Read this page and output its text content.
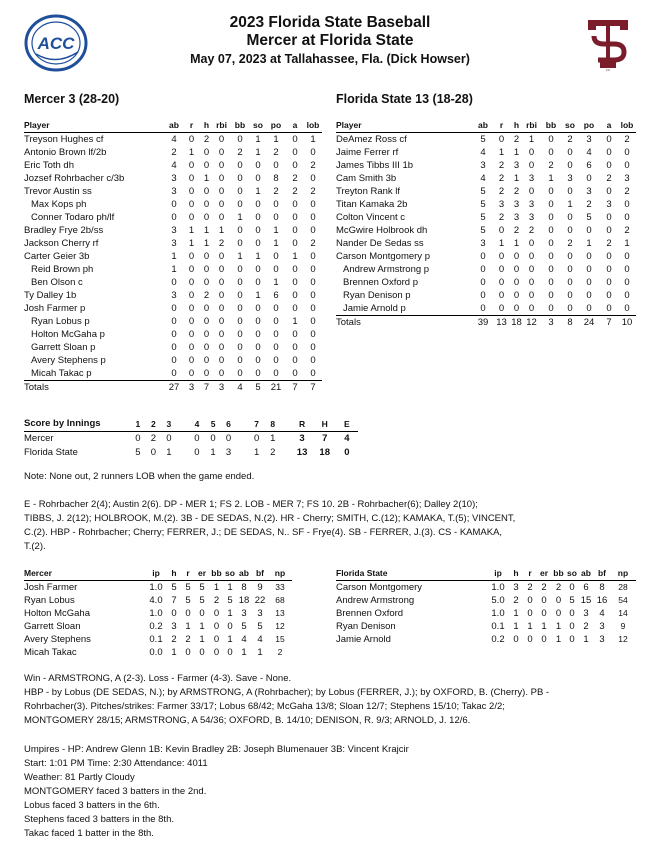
ACC
2023 Florida State Baseball
Mercer at Florida State
May 07, 2023 at Tallahassee, Fla. (Dick Howser)
FS
Mercer 3 (28-20)	Florida State 13 (18-28)
Player	ab	r	h	rbi	bb	so	po	a	lob
Treyson Hughes cf	4	0	2	0	0	1	1	0	1
Antonio Brown lf/2b	2	1	0	0	2	1	2	0	0
Eric Toth dh	4	0	0	0	0	0	0	0	2
Jozsef Rohrbacher c/3b	3	0	1	0	0	0	8	2	0
Trevor Austin ss	3	0	0	0	0	1	2	2	2
Max Kops ph	0	0	0	0	0	0	0	0	0
Conner Todaro ph/lf	0	0	0	0	1	0	0	0	0
Bradley Frye 2b/ss	3	1	1	1	0	0	1	0	0
Jackson Cherry rf	3	1	1	2	0	0	1	0	2
Carter Geier 3b	1	0	0	0	1	1	0	1	0
Reid Brown ph	1	0	0	0	0	0	0	0	0
Ben Olson c	0	0	0	0	0	0	1	0	0
Ty Dalley 1b	3	0	2	0	0	1	6	0	0
Josh Farmer p	0	0	0	0	0	0	0	0	0
Ryan Lobus p	0	0	0	0	0	0	0	1	0
Holton McGaha p	0	0	0	0	0	0	0	0	0
Garrett Sloan p	0	0	0	0	0	0	0	0	0
Avery Stephens p	0	0	0	0	0	0	0	0	0
Micah Takac p	0	0	0	0	0	0	0	0	0
Totals	27	3	7	3	4	5	21	7	7
Player	ab	r	h	rbi	bb	so	po	a	lob
DeAmez Ross cf	5	0	2	1	0	2	3	0	2
Jaime Ferrer rf	4	1	1	0	0	0	4	0	0
James Tibbs III 1b	3	2	3	0	2	0	6	0	0
Cam Smith 3b	4	2	1	3	1	3	0	2	3
Treyton Rank lf	5	2	2	0	0	0	3	0	2
Titan Kamaka 2b	5	3	3	3	0	1	2	3	0
Colton Vincent c	5	2	3	3	0	0	5	0	0
McGwire Holbrook dh	5	0	2	2	0	0	0	0	2
Nander De Sedas ss	3	1	1	0	0	2	1	2	1
Carson Montgomery p	0	0	0	0	0	0	0	0	0
Andrew Armstrong p	0	0	0	0	0	0	0	0	0
Brennen Oxford p	0	0	0	0	0	0	0	0	0
Ryan Denison p	0	0	0	0	0	0	0	0	0
Jamie Arnold p	0	0	0	0	0	0	0	0	0
Totals	39	13	18	12	3	8	24	7	10
Score by Innings	1	2	3	4	5	6	7	8	R	H	E
Mercer	0	2	0	0	0	0	0	1	3	7	4
Florida State	5	0	1	0	1	3	1	2	13	18	0
Note: None out, 2 runners LOB when the game ended.
E - Rohrbacher 2(4); Austin 2(6). DP - MER 1; FS 2. LOB - MER 7; FS 10. 2B - Rohrbacher(6); Dalley 2(10);
TIBBS, J. 2(12); HOLBROOK, M.(2). 3B - DE SEDAS, N.(2). HR - Cherry; SMITH, C.(12); KAMAKA, T.(5); VINCENT,
C.(2). HBP - Rohrbacher; Cherry; FERRER, J.; DE SEDAS, N.. SF - Frye(4). SB - FERRER, J.(3). CS - KAMAKA,
T.(2).
Mercer	ip	h	r	er	bb	so	ab	bf	np
Josh Farmer	1.0	5	5	5	1	1	8	9	33
Ryan Lobus	4.0	7	5	5	2	5	18	22	68
Holton McGaha	1.0	0	0	0	0	1	3	3	13
Garrett Sloan	0.2	3	1	1	0	0	5	5	12
Avery Stephens	0.1	2	2	1	0	1	4	4	15
Micah Takac	0.0	1	0	0	0	0	1	1	2
Florida State	ip	h	r	er	bb	so	ab	bf	np
Carson Montgomery	1.0	3	2	2	2	0	6	8	28
Andrew Armstrong	5.0	2	0	0	0	5	15	16	54
Brennen Oxford	1.0	1	0	0	0	0	3	4	14
Ryan Denison	0.1	1	1	1	1	0	2	3	9
Jamie Arnold	0.2	0	0	0	1	0	1	3	12
Win - ARMSTRONG, A (2-3). Loss - Farmer (4-3). Save - None.
HBP - by Lobus (DE SEDAS, N.); by ARMSTRONG, A (Rohrbacher); by Lobus (FERRER, J.); by OXFORD, B. (Cherry). PB -
Rohrbacher(3). Pitches/strikes: Farmer 33/17; Lobus 68/42; McGaha 13/8; Sloan 12/7; Stephens 15/10; Takac 2/2;
MONTGOMERY 28/15; ARMSTRONG, A 54/36; OXFORD, B. 14/10; DENISON, R. 9/3; ARNOLD, J. 12/6.
Umpires - HP: Andrew Glenn 1B: Kevin Bradley 2B: Joseph Blumenauer 3B: Vincent Krajcir
Start: 1:01 PM Time: 2:30 Attendance: 4011
Weather: 81 Partly Cloudy
MONTGOMERY faced 3 batters in the 2nd.
Lobus faced 3 batters in the 6th.
Stephens faced 3 batters in the 8th.
Takac faced 1 batter in the 8th.
